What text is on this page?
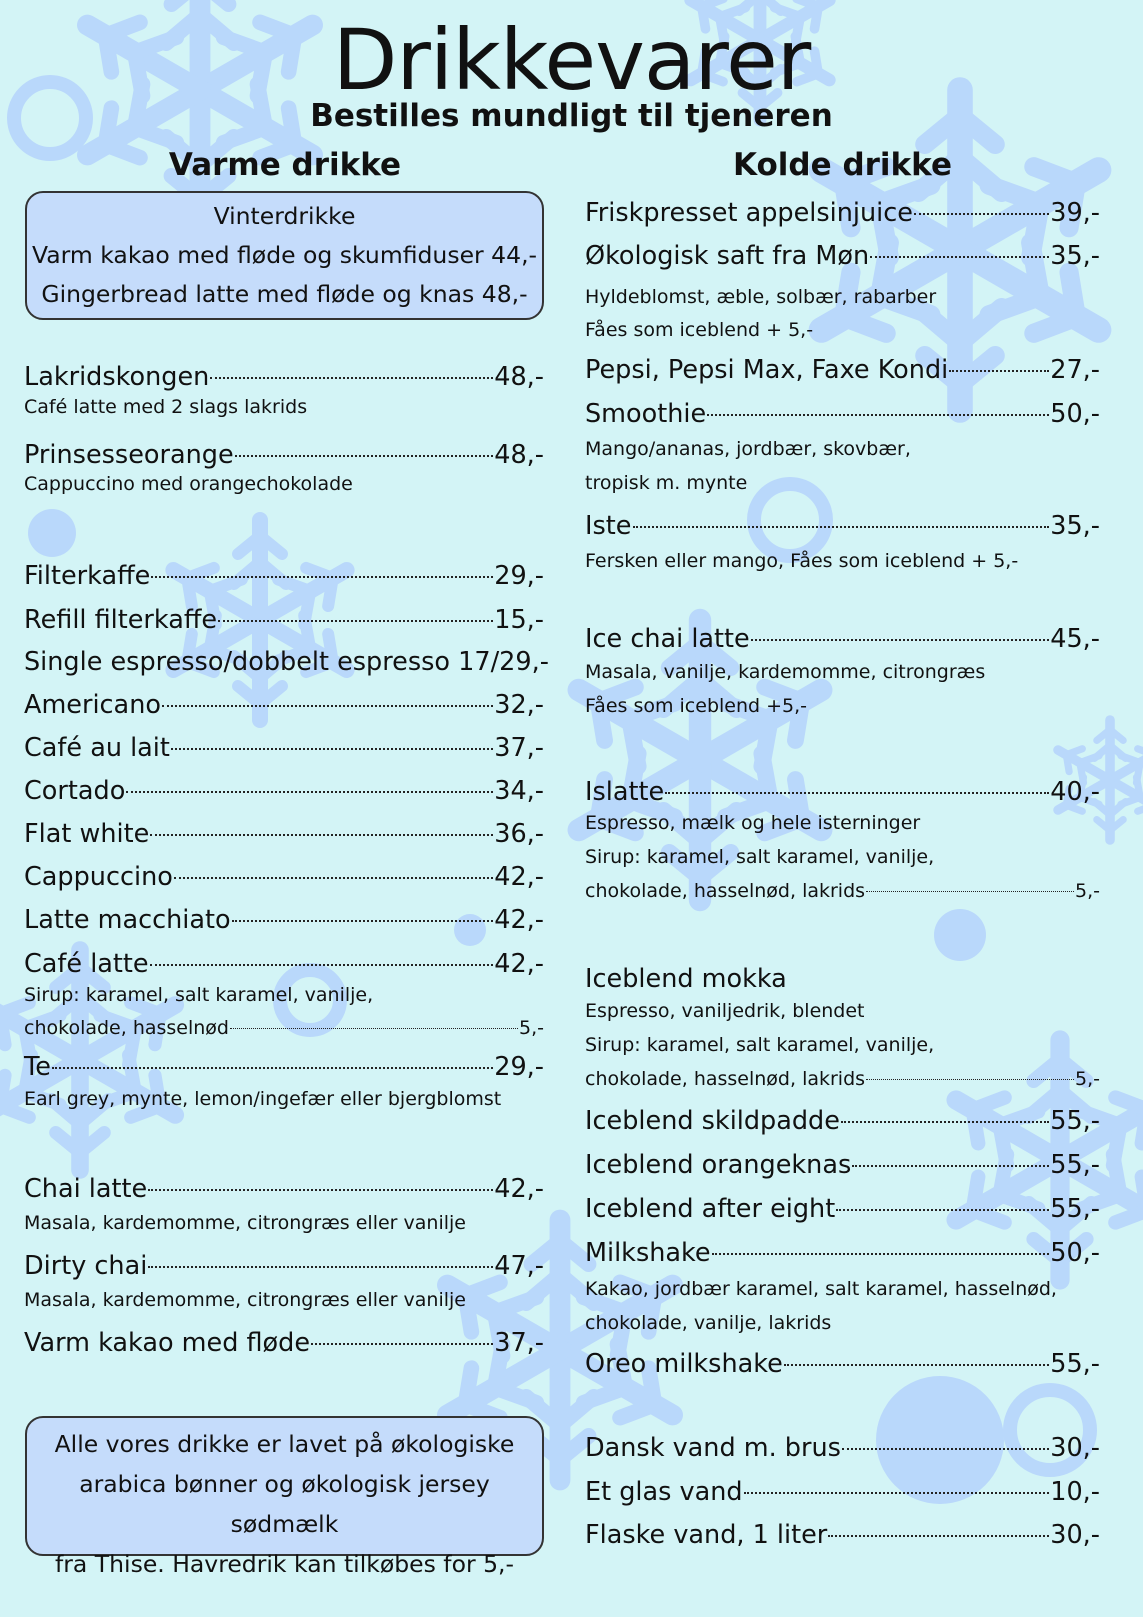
Drikkevarer
Bestilles mundligt til tjeneren
Varme drikke	Kolde drikke
Vinterdrikke
Varm kakao med fløde og skumfiduser 44,-
Gingerbread latte med fløde og knas 48,-
Lakridskongen	48,-
Café latte med 2 slags lakrids
Prinsesseorange	48,-
Cappuccino med orangechokolade
Filterkaffe	29,-
Refill filterkaffe	15,-
Single espresso/dobbelt espresso 17/29,-
Americano	32,-
Café au lait	37,-
Cortado	34,-
Flat white	36,-
Cappuccino	42,-
Latte macchiato	42,-
Café latte	42,-
Sirup: karamel, salt karamel, vanilje,
chokolade, hasselnød	5,-
Te	29,-
Earl grey, mynte, lemon/ingefær eller bjergblomst
Chai latte	42,-
Masala, kardemomme, citrongræs eller vanilje
Dirty chai	47,-
Masala, kardemomme, citrongræs eller vanilje
Varm kakao med fløde	37,-
Friskpresset appelsinjuice	39,-
Økologisk saft fra Møn	35,-
Hyldeblomst, æble, solbær, rabarber
Fåes som iceblend + 5,-
Pepsi, Pepsi Max, Faxe Kondi	27,-
Smoothie	50,-
Mango/ananas, jordbær, skovbær,
tropisk m. mynte
Iste	35,-
Fersken eller mango, Fåes som iceblend + 5,-
Ice chai latte	45,-
Masala, vanilje, kardemomme, citrongræs
Fåes som iceblend +5,-
Islatte	40,-
Espresso, mælk og hele isterninger
Sirup: karamel, salt karamel, vanilje,
chokolade, hasselnød, lakrids	5,-
Iceblend mokka
Espresso, vaniljedrik, blendet
Sirup: karamel, salt karamel, vanilje,
chokolade, hasselnød, lakrids	5,-
Iceblend skildpadde	55,-
Iceblend orangeknas	55,-
Iceblend after eight	55,-
Milkshake	50,-
Kakao, jordbær karamel, salt karamel, hasselnød,
chokolade, vanilje, lakrids
Oreo milkshake	55,-
Dansk vand m. brus	30,-
Et glas vand	10,-
Flaske vand, 1 liter	30,-
Alle vores drikke er lavet på økologiske
arabica bønner og økologisk jersey sødmælk
fra Thise. Havredrik kan tilkøbes for 5,-
